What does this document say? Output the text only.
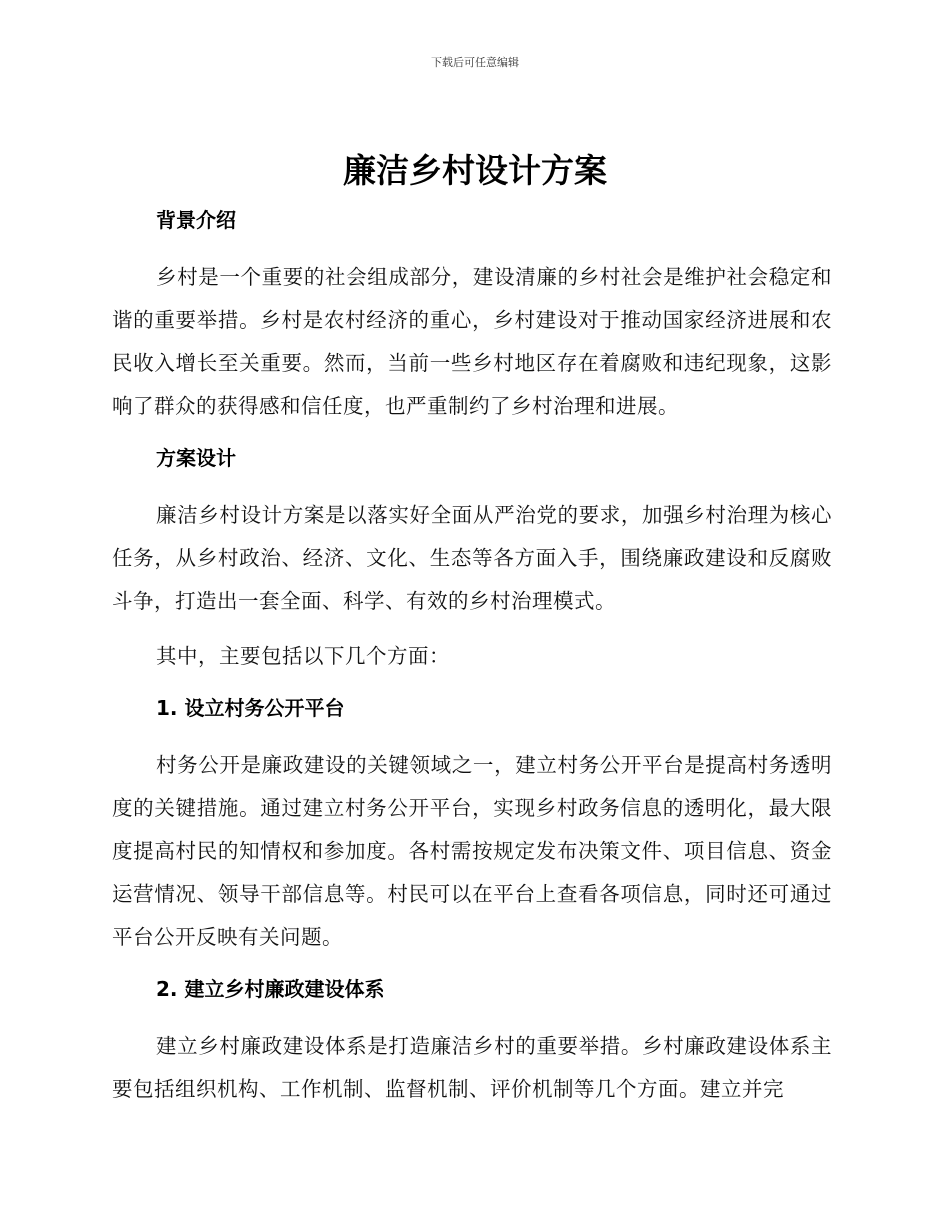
下载后可任意编辑
廉洁乡村设计方案
背景介绍

乡村是一个重要的社会组成部分，建设清廉的乡村社会是维护社会稳定和谐的重要举措。乡村是农村经济的重心，乡村建设对于推动国家经济进展和农民收入增长至关重要。然而，当前一些乡村地区存在着腐败和违纪现象，这影响了群众的获得感和信任度，也严重制约了乡村治理和进展。

方案设计

廉洁乡村设计方案是以落实好全面从严治党的要求，加强乡村治理为核心任务，从乡村政治、经济、文化、生态等各方面入手，围绕廉政建设和反腐败斗争，打造出一套全面、科学、有效的乡村治理模式。

其中，主要包括以下几个方面：

1. 设立村务公开平台

村务公开是廉政建设的关键领域之一，建立村务公开平台是提高村务透明度的关键措施。通过建立村务公开平台，实现乡村政务信息的透明化，最大限度提高村民的知情权和参加度。各村需按规定发布决策文件、项目信息、资金运营情况、领导干部信息等。村民可以在平台上查看各项信息，同时还可通过平台公开反映有关问题。

2. 建立乡村廉政建设体系

建立乡村廉政建设体系是打造廉洁乡村的重要举措。乡村廉政建设体系主要包括组织机构、工作机制、监督机制、评价机制等几个方面。建立并完
